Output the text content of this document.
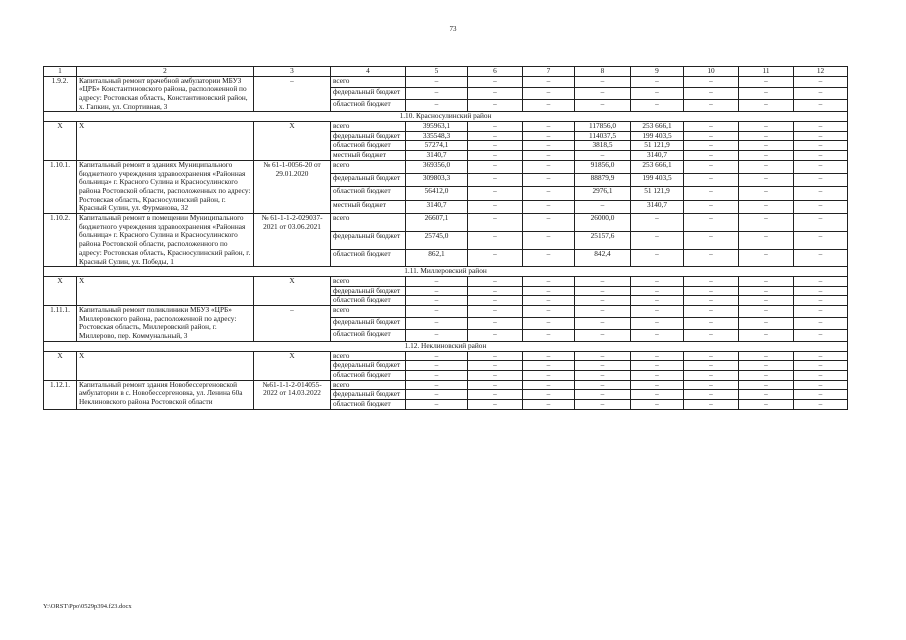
73
1	2	3	4	5	6	7	8	9	10	11	12
1.9.2.	Капитальный ремонт врачебной амбулатории МБУЗ «ЦРБ» Константиновского района, расположенной по адресу: Ростовская область, Константиновский район, х. Гапкин, ул. Спортивная, 3	–	всего	–	–	–	–	–	–	–	–
			федеральный бюджет	–	–	–	–	–	–	–	–
			областной бюджет	–	–	–	–	–	–	–	–
1.10. Красносулинский район											
Х	Х	Х	всего	395963,1	–	–	117856,0	253 666,1	–	–	–
			федеральный бюджет	335548,3	–	–	114037,5	199 403,5	–	–	–
			областной бюджет	57274,1	–	–	3818,5	51 121,9	–	–	–
			местный бюджет	3140,7	–	–	–	3140,7	–	–	–
1.10.1.	Капитальный ремонт в зданиях Муниципального бюджетного учреждения здравоохранения «Районная больница» г. Красного Сулина и Красносулинского района Ростовской области, расположенных по адресу: Ростовская область, Красносулинский район, г. Красный Сулин, ул. Фурманова, 32	№ 61-1-0056-20 от 29.01.2020	всего	369356,0	–	–	91856,0	253 666,1	–	–	–
			федеральный бюджет	309803,3	–	–	88879,9	199 403,5	–	–	–
			областной бюджет	56412,0	–	–	2976,1	51 121,9	–	–	–
			местный бюджет	3140,7	–	–	–	3140,7	–	–	–
1.10.2.	Капитальный ремонт в помещении Муниципального бюджетного учреждения здравоохранения «Районная больница» г. Красного Сулина и Красносулинского района Ростовской области, расположенного по адресу: Ростовская область, Красносулинский район, г. Красный Сулин, ул. Победы, 1	№ 61-1-1-2-029037-2021 от 03.06.2021	всего	26607,1	–	–	26000,0	–	–	–	–
			федеральный бюджет	25745,0	–	–	25157,6	–	–	–	–
			областной бюджет	862,1	–	–	842,4	–	–	–	–
1.11. Миллеровский район											
Х	Х	Х	всего	–	–	–	–	–	–	–	–
			федеральный бюджет	–	–	–	–	–	–	–	–
			областной бюджет	–	–	–	–	–	–	–	–
1.11.1.	Капитальный ремонт поликлиники МБУЗ «ЦРБ» Миллеровского района, расположенной по адресу: Ростовская область, Миллеровский район, г. Миллерово, пер. Коммунальный, 3	–	всего	–	–	–	–	–	–	–	–
			федеральный бюджет	–	–	–	–	–	–	–	–
			областной бюджет	–	–	–	–	–	–	–	–
1.12. Неклиновский район											
Х	Х	Х	всего	–	–	–	–	–	–	–	–
			федеральный бюджет	–	–	–	–	–	–	–	–
			областной бюджет	–	–	–	–	–	–	–	–
1.12.1.	Капитальный ремонт здания Новобессергеновской амбулатории в с. Новобессергеновка, ул. Ленина 60а Неклиновского района Ростовской области	№61-1-1-2-014055-2022 от 14.03.2022	всего	–	–	–	–	–	–	–	–
			федеральный бюджет	–	–	–	–	–	–	–	–
			областной бюджет	–	–	–	–	–	–	–	–
Y:\ORST\Ppo\0529p394.f23.docx
